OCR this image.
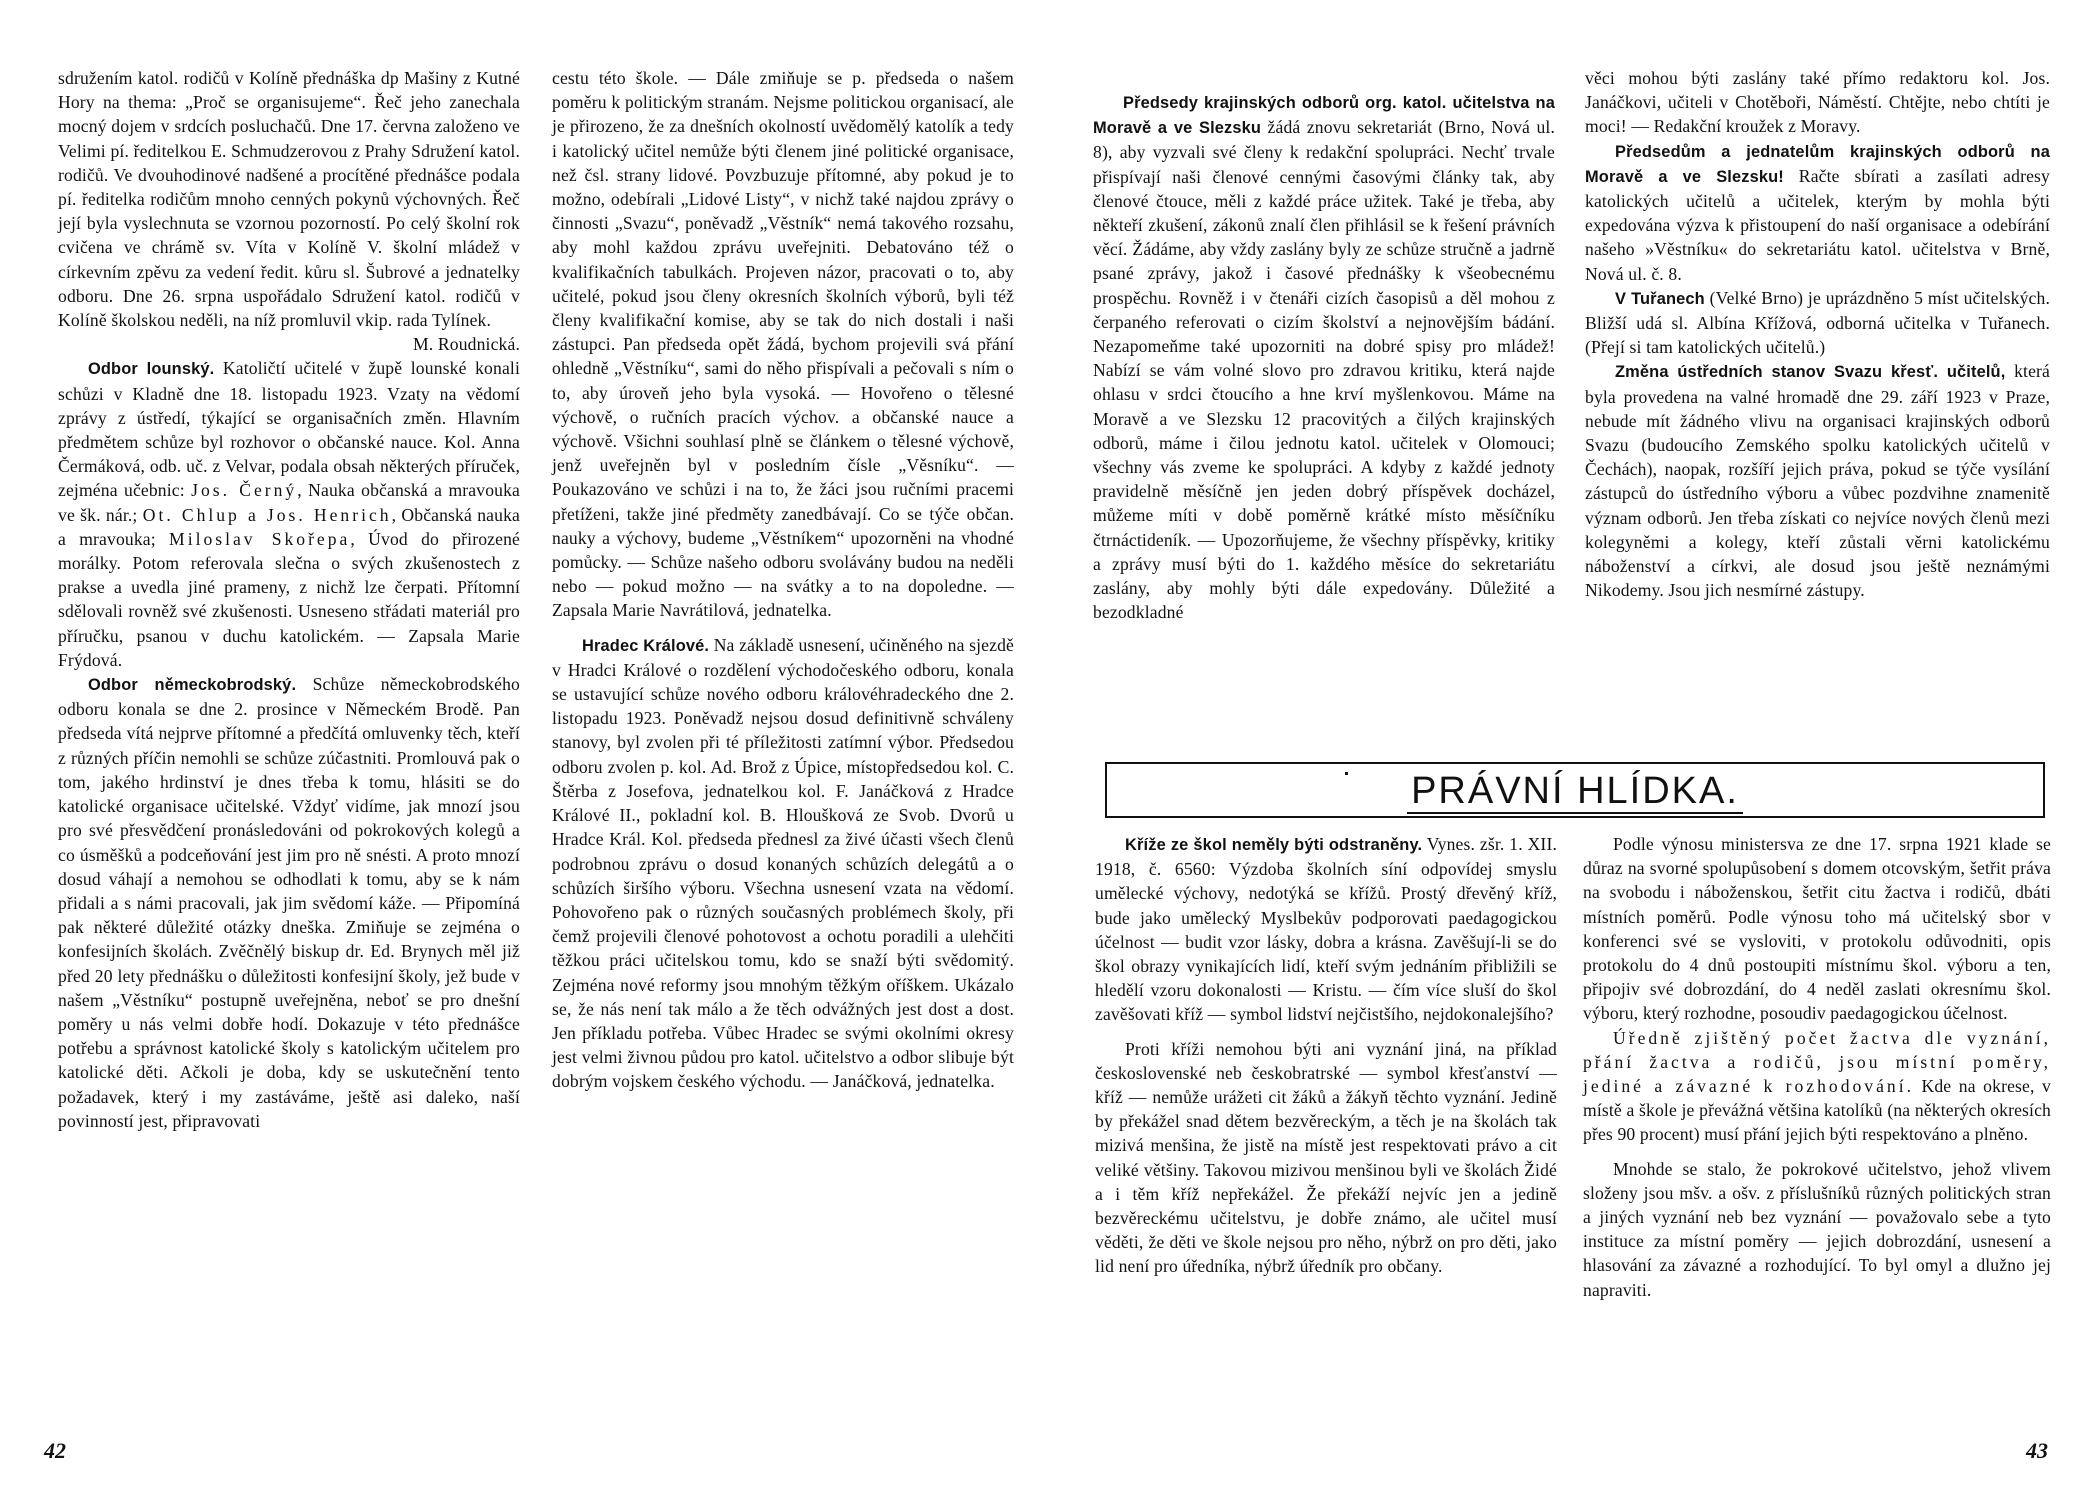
sdružením katol. rodičů v Kolíně přednáška dp Mašiny z Kutné Hory na thema: „Proč se organisujeme“. Řeč jeho zanechala mocný dojem v srdcích posluchačů. Dne 17. června založeno ve Velimi pí. ředitelkou E. Schmudzerovou z Prahy Sdružení katol. rodičů. Ve dvouhodinové nadšené a procítěné přednášce podala pí. ředitelka rodičům mnoho cenných pokynů výchovných. Řeč její byla vyslechnuta se vzornou pozorností. Po celý školní rok cvičena ve chrámě sv. Víta v Kolíně V. školní mládež v církevním zpěvu za vedení ředit. kůru sl. Šubrové a jednatelky odboru. Dne 26. srpna uspořádalo Sdružení katol. rodičů v Kolíně školskou neděli, na níž promluvil vkip. rada Tylínek.

M. Roudnická.

Odbor lounský. Katoličtí učitelé v župě lounské konali schůzi v Kladně dne 18. listopadu 1923. Vzaty na vědomí zprávy z ústředí, týkající se organisačních změn. Hlavním předmětem schůze byl rozhovor o občanské nauce. Kol. Anna Čermáková, odb. uč. z Velvar, podala obsah některých příruček, zejména učebnic: Jos. Černý, Nauka občanská a mravouka ve šk. nár.; Ot. Chlup a Jos. Henrich, Občanská nauka a mravouka; Miloslav Skořepa, Úvod do přirozené morálky. Potom referovala slečna o svých zkušenostech z prakse a uvedla jiné prameny, z nichž lze čerpati. Přítomní sdělovali rovněž své zkušenosti. Usneseno střádati materiál pro příručku, psanou v duchu katolickém. — Zapsala Marie Frýdová.

Odbor německobrodský. Schůze německobrodského odboru konala se dne 2. prosince v Německém Brodě. Pan předseda vítá nejprve přítomné a předčítá omluvenky těch, kteří z různých příčin nemohli se schůze zúčastniti. Promlouvá pak o tom, jakého hrdinství je dnes třeba k tomu, hlásiti se do katolické organisace učitelské. Vždyť vidíme, jak mnozí jsou pro své přesvědčení pronásledováni od pokrokových kolegů a co úsměšků a podceňování jest jim pro ně snésti. A proto mnozí dosud váhají a nemohou se odhodlati k tomu, aby se k nám přidali a s námi pracovali, jak jim svědomí káže. — Připomíná pak některé důležité otázky dneška. Zmiňuje se zejména o konfesijních školách. Zvěčnělý biskup dr. Ed. Brynych měl již před 20 lety přednášku o důležitosti konfesijní školy, jež bude v našem „Věstníku“ postupně uveřejněna, neboť se pro dnešní poměry u nás velmi dobře hodí. Dokazuje v této přednášce potřebu a správnost katolické školy s katolickým učitelem pro katolické děti. Ačkoli je doba, kdy se uskutečnění tento požadavek, který i my zastáváme, ještě asi daleko, naší povinností jest, připravovati

cestu této škole. — Dále zmiňuje se p. předseda o našem poměru k politickým stranám. Nejsme politickou organisací, ale je přirozeno, že za dnešních okolností uvědomělý katolík a tedy i katolický učitel nemůže býti členem jiné politické organisace, než čsl. strany lidové. Povzbuzuje přítomné, aby pokud je to možno, odebírali „Lidové Listy“, v nichž také najdou zprávy o činnosti „Svazu“, poněvadž „Věstník“ nemá takového rozsahu, aby mohl každou zprávu uveřejniti. Debatováno též o kvalifikačních tabulkách. Projeven názor, pracovati o to, aby učitelé, pokud jsou členy okresních školních výborů, byli též členy kvalifikační komise, aby se tak do nich dostali i naši zástupci. Pan předseda opět žádá, bychom projevili svá přání ohledně „Věstníku“, sami do něho přispívali a pečovali s ním o to, aby úroveň jeho byla vysoká. — Hovořeno o tělesné výchově, o ručních pracích výchov. a občanské nauce a výchově. Všichni souhlasí plně se článkem o tělesné výchově, jenž uveřejněn byl v posledním čísle „Věsníku“. — Poukazováno ve schůzi i na to, že žáci jsou ručními pracemi přetíženi, takže jiné předměty zanedbávají. Co se týče občan. nauky a výchovy, budeme „Věstníkem“ upozorněni na vhodné pomůcky. — Schůze našeho odboru svolávány budou na neděli nebo — pokud možno — na svátky a to na dopoledne. — Zapsala Marie Navrátilová, jednatelka.

Hradec Králové. Na základě usnesení, učiněného na sjezdě v Hradci Králové o rozdělení východočeského odboru, konala se ustavující schůze nového odboru královéhradeckého dne 2. listopadu 1923. Poněvadž nejsou dosud definitivně schváleny stanovy, byl zvolen při té příležitosti zatímní výbor. Předsedou odboru zvolen p. kol. Ad. Brož z Úpice, místopředsedou kol. C. Štěrba z Josefova, jednatelkou kol. F. Janáčková z Hradce Králové II., pokladní kol. B. Hloušková ze Svob. Dvorů u Hradce Král. Kol. předseda přednesl za živé účasti všech členů podrobnou zprávu o dosud konaných schůzích delegátů a o schůzích širšího výboru. Všechna usnesení vzata na vědomí. Pohovořeno pak o různých současných problémech školy, při čemž projevili členové pohotovost a ochotu poradili a ulehčiti těžkou práci učitelskou tomu, kdo se snaží býti svědomitý. Zejména nové reformy jsou mnohým těžkým oříškem. Ukázalo se, že nás není tak málo a že těch odvážných jest dost a dost. Jen příkladu potřeba. Vůbec Hradec se svými okolními okresy jest velmi živnou půdou pro katol. učitelstvo a odbor slibuje být dobrým vojskem českého východu. — Janáčková, jednatelka.

42

Předsedy krajinských odborů org. katol. učitelstva na Moravě a ve Slezsku žádá znovu sekretariát (Brno, Nová ul. 8), aby vyzvali své členy k redakční spolupráci. Nechť trvale přispívají naši členové cennými časovými články tak, aby členové čtouce, měli z každé práce užitek. Také je třeba, aby někteří zkušení, zákonů znalí člen přihlásil se k řešení právních věcí. Žádáme, aby vždy zaslány byly ze schůze stručně a jadrně psané zprávy, jakož i časové přednášky k všeobecnému prospěchu. Rovněž i v čtenáři cizích časopisů a děl mohou z čerpaného referovati o cizím školství a nejnovějším bádání. Nezapomeňme také upozorniti na dobré spisy pro mládež! Nabízí se vám volné slovo pro zdravou kritiku, která najde ohlasu v srdci čtoucího a hne krví myšlenkovou. Máme na Moravě a ve Slezsku 12 pracovitých a čilých krajinských odborů, máme i čilou jednotu katol. učitelek v Olomouci; všechny vás zveme ke spolupráci. A kdyby z každé jednoty pravidelně měsíčně jen jeden dobrý příspěvek docházel, můžeme míti v době poměrně krátké místo měsíčníku čtrnáctideník. — Upozorňujeme, že všechny příspěvky, kritiky a zprávy musí býti do 1. každého měsíce do sekretariátu zaslány, aby mohly býti dále expedovány. Důležité a bezodkladné

věci mohou býti zaslány také přímo redaktoru kol. Jos. Janáčkovi, učiteli v Chotěboři, Náměstí. Chtějte, nebo chtíti je moci! — Redakční kroužek z Moravy.

Předsedům a jednatelům krajinských odborů na Moravě a ve Slezsku! Račte sbírati a zasílati adresy katolických učitelů a učitelek, kterým by mohla býti expedována výzva k přistoupení do naší organisace a odebírání našeho »Věstníku« do sekretariátu katol. učitelstva v Brně, Nová ul. č. 8.

V Tuřanech (Velké Brno) je uprázdněno 5 míst učitelských. Bližší udá sl. Albína Křížová, odborná učitelka v Tuřanech. (Přejí si tam katolických učitelů.)

Změna ústředních stanov Svazu křesť. učitelů, která byla provedena na valné hromadě dne 29. září 1923 v Praze, nebude mít žádného vlivu na organisaci krajinských odborů Svazu (budoucího Zemského spolku katolických učitelů v Čechách), naopak, rozšíří jejich práva, pokud se týče vysílání zástupců do ústředního výboru a vůbec pozdvihne znamenitě význam odborů. Jen třeba získati co nejvíce nových členů mezi kolegyněmi a kolegy, kteří zůstali věrni katolickému náboženství a církvi, ale dosud jsou ještě neznámými Nikodemy. Jsou jich nesmírné zástupy.

PRÁVNÍ HLÍDKA.

Kříže ze škol neměly býti odstraněny. Vynes. zšr. 1. XII. 1918, č. 6560: Výzdoba školních síní odpovídej smyslu umělecké výchovy, nedotýká se křížů. Prostý dřevěný kříž, bude jako umělecký Myslbekův podporovati paedagogickou účelnost — budit vzor lásky, dobra a krásna. Zavěšují-li se do škol obrazy vynikajících lidí, kteří svým jednáním přibližili se hledělí vzoru dokonalosti — Kristu. — čím více sluší do škol zavěšovati kříž — symbol lidství nejčistšího, nejdokonalejšího?

Proti kříži nemohou býti ani vyznání jiná, na příklad československé neb českobratrské — symbol křesťanství — kříž — nemůže urážeti cit žáků a žákyň těchto vyznání. Jedině by překážel snad dětem bezvěreckým, a těch je na školách tak mizivá menšina, že jistě na místě jest respektovati právo a cit veliké většiny. Takovou mizivou menšinou byli ve školách Židé a i těm kříž nepřekážel. Že překáží nejvíc jen a jedině bezvěreckému učitelstvu, je dobře známo, ale učitel musí věděti, že děti ve škole nejsou pro něho, nýbrž on pro děti, jako lid není pro úředníka, nýbrž úředník pro občany.

Podle výnosu ministersva ze dne 17. srpna 1921 klade se důraz na svorné spolupůsobení s domem otcovským, šetřit práva na svobodu i náboženskou, šetřit citu žactva i rodičů, dbáti místních poměrů. Podle výnosu toho má učitelský sbor v konferenci své se vysloviti, v protokolu odůvodniti, opis protokolu do 4 dnů postoupiti místnímu škol. výboru a ten, připojiv své dobrozdání, do 4 neděl zaslati okresnímu škol. výboru, který rozhodne, posoudiv paedagogickou účelnost.

Úředně zjištěný počet žactva dle vyznání, přání žactva a rodičů, jsou místní poměry, jediné a závazné k rozhodování. Kde na okrese, v místě a škole je převážná většina katolíků (na některých okresích přes 90 procent) musí přání jejich býti respektováno a plněno.

Mnohde se stalo, že pokrokové učitelstvo, jehož vlivem složeny jsou mšv. a ošv. z příslušníků různých politických stran a jiných vyznání neb bez vyznání — považovalo sebe a tyto instituce za místní poměry — jejich dobrozdání, usnesení a hlasování za závazné a rozhodující. To byl omyl a dlužno jej napraviti.

43
